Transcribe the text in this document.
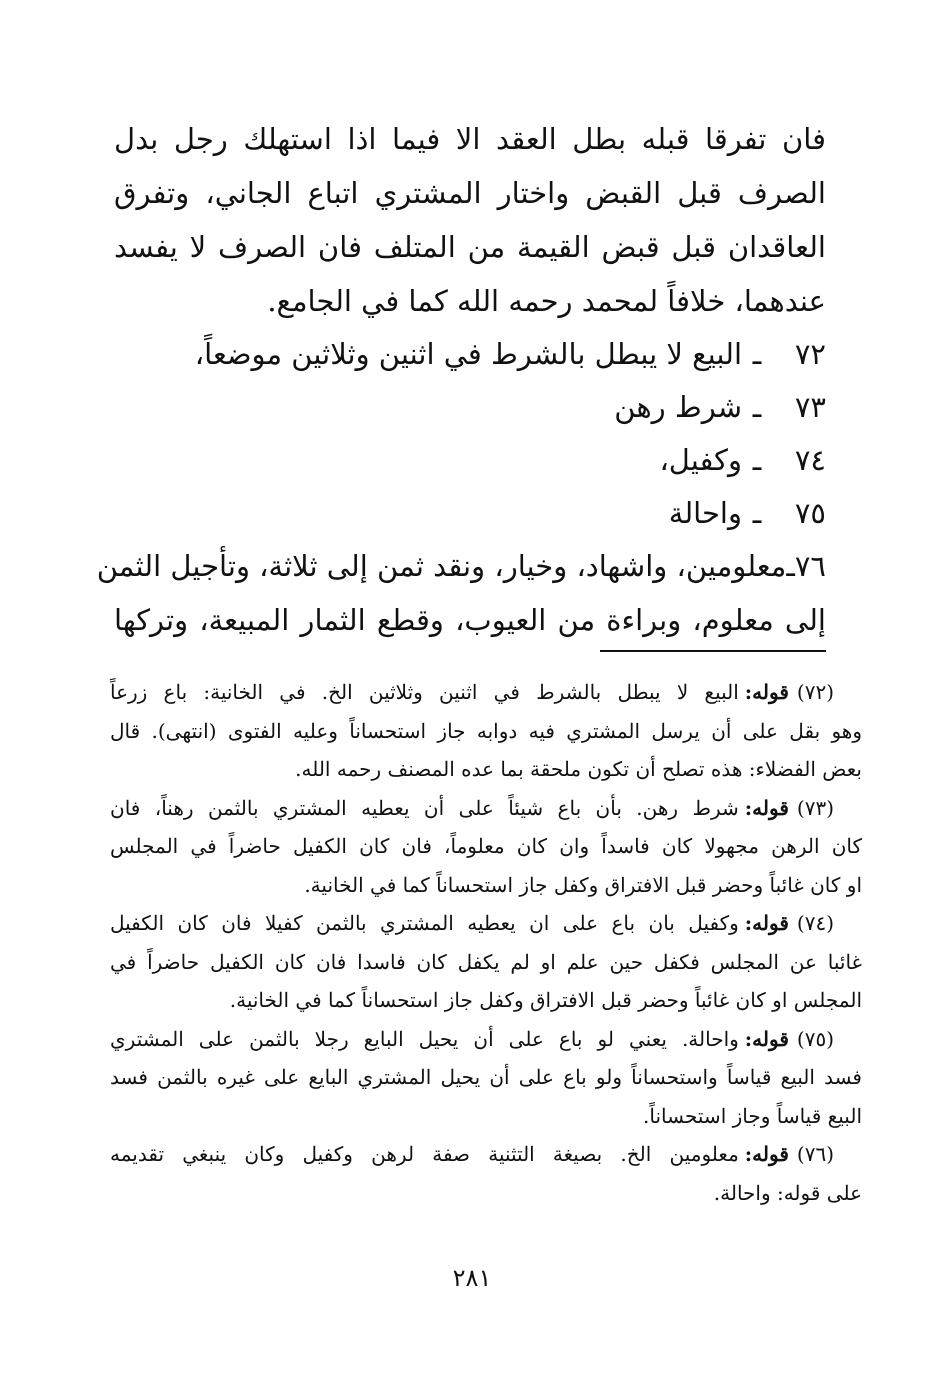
فان تفرقا قبله بطل العقد الا فيما اذا استهلك رجل بدل
الصرف قبل القبض واختار المشتري اتباع الجاني، وتفرق
العاقدان قبل قبض القيمة من المتلف فان الصرف لا يفسد
عندهما، خلافاً لمحمد رحمه الله كما في الجامع.
٧٢
ـ
البيع لا يبطل بالشرط في اثنين وثلاثين موضعاً،
٧٣
ـ
شرط رهن
٧٤
ـ
وكفيل،
٧٥
ـ
واحالة
٧٦
ـ
معلومين، واشهاد، وخيار، ونقد ثمن إلى ثلاثة، وتأجيل الثمن
إلى معلوم، وبراءة من العيوب، وقطع الثمار المبيعة، وتركها
(٧٢)
قوله:
البيع لا يبطل بالشرط في اثنين وثلاثين الخ. في الخانية: باع زرعاً
وهو بقل على أن يرسل المشتري فيه دوابه جاز استحساناً وعليه الفتوى (انتهى). قال
بعض الفضلاء: هذه تصلح أن تكون ملحقة بما عده المصنف رحمه الله.
(٧٣)
قوله:
شرط رهن. بأن باع شيئاً على أن يعطيه المشتري بالثمن رهناً، فان
كان الرهن مجهولا كان فاسداً وان كان معلوماً، فان كان الكفيل حاضراً في المجلس
او كان غائباً وحضر قبل الافتراق وكفل جاز استحساناً كما في الخانية.
(٧٤)
قوله:
وكفيل بان باع على ان يعطيه المشتري بالثمن كفيلا فان كان الكفيل
غائبا عن المجلس فكفل حين علم او لم يكفل كان فاسدا فان كان الكفيل حاضراً في
المجلس او كان غائباً وحضر قبل الافتراق وكفل جاز استحساناً كما في الخانية.
(٧٥)
قوله:
واحالة. يعني لو باع على أن يحيل البايع رجلا بالثمن على المشتري
فسد البيع قياساً واستحساناً ولو باع على أن يحيل المشتري البايع على غيره بالثمن فسد
البيع قياساً وجاز استحساناً.
(٧٦)
قوله:
معلومين الخ. بصيغة التثنية صفة لرهن وكفيل وكان ينبغي تقديمه
على قوله: واحالة.
٢٨١
